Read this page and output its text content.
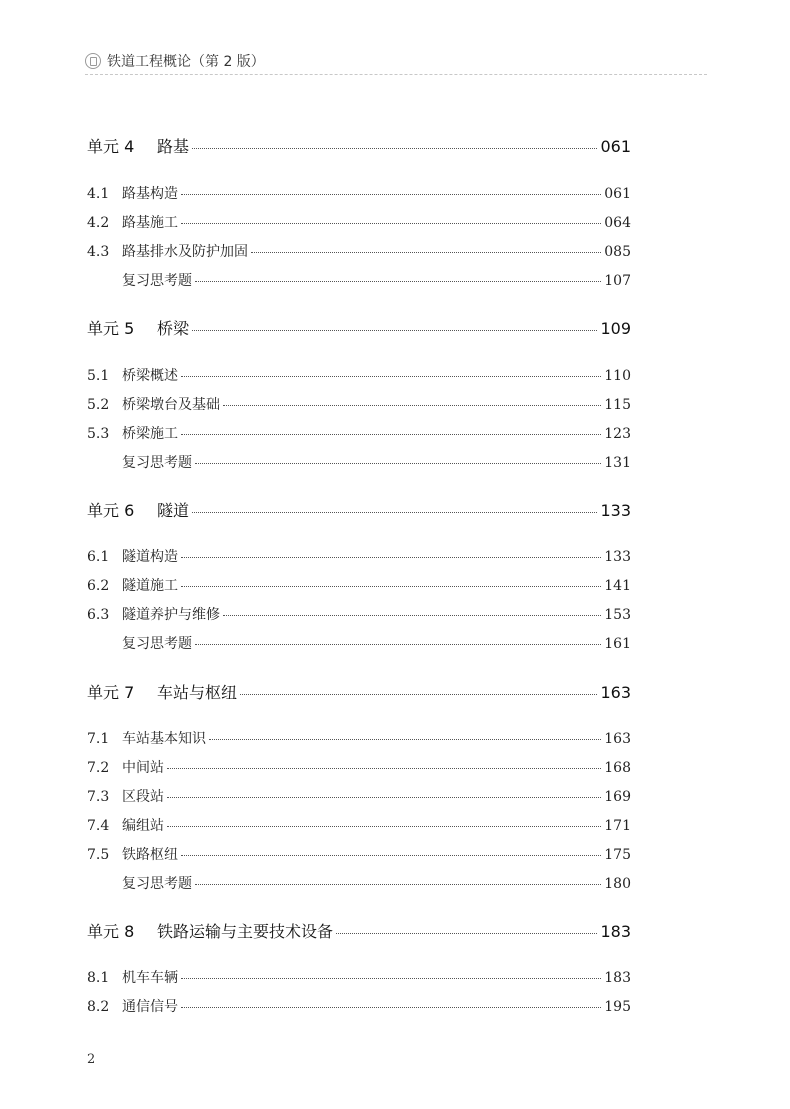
铁道工程概论（第 2 版）
单元 4	路基	061
4.1 路基构造	061
4.2 路基施工	064
4.3 路基排水及防护加固	085
复习思考题	107
单元 5	桥梁	109
5.1 桥梁概述	110
5.2 桥梁墩台及基础	115
5.3 桥梁施工	123
复习思考题	131
单元 6	隧道	133
6.1 隧道构造	133
6.2 隧道施工	141
6.3 隧道养护与维修	153
复习思考题	161
单元 7	车站与枢纽	163
7.1 车站基本知识	163
7.2 中间站	168
7.3 区段站	169
7.4 编组站	171
7.5 铁路枢纽	175
复习思考题	180
单元 8	铁路运输与主要技术设备	183
8.1 机车车辆	183
8.2 通信信号	195
2
